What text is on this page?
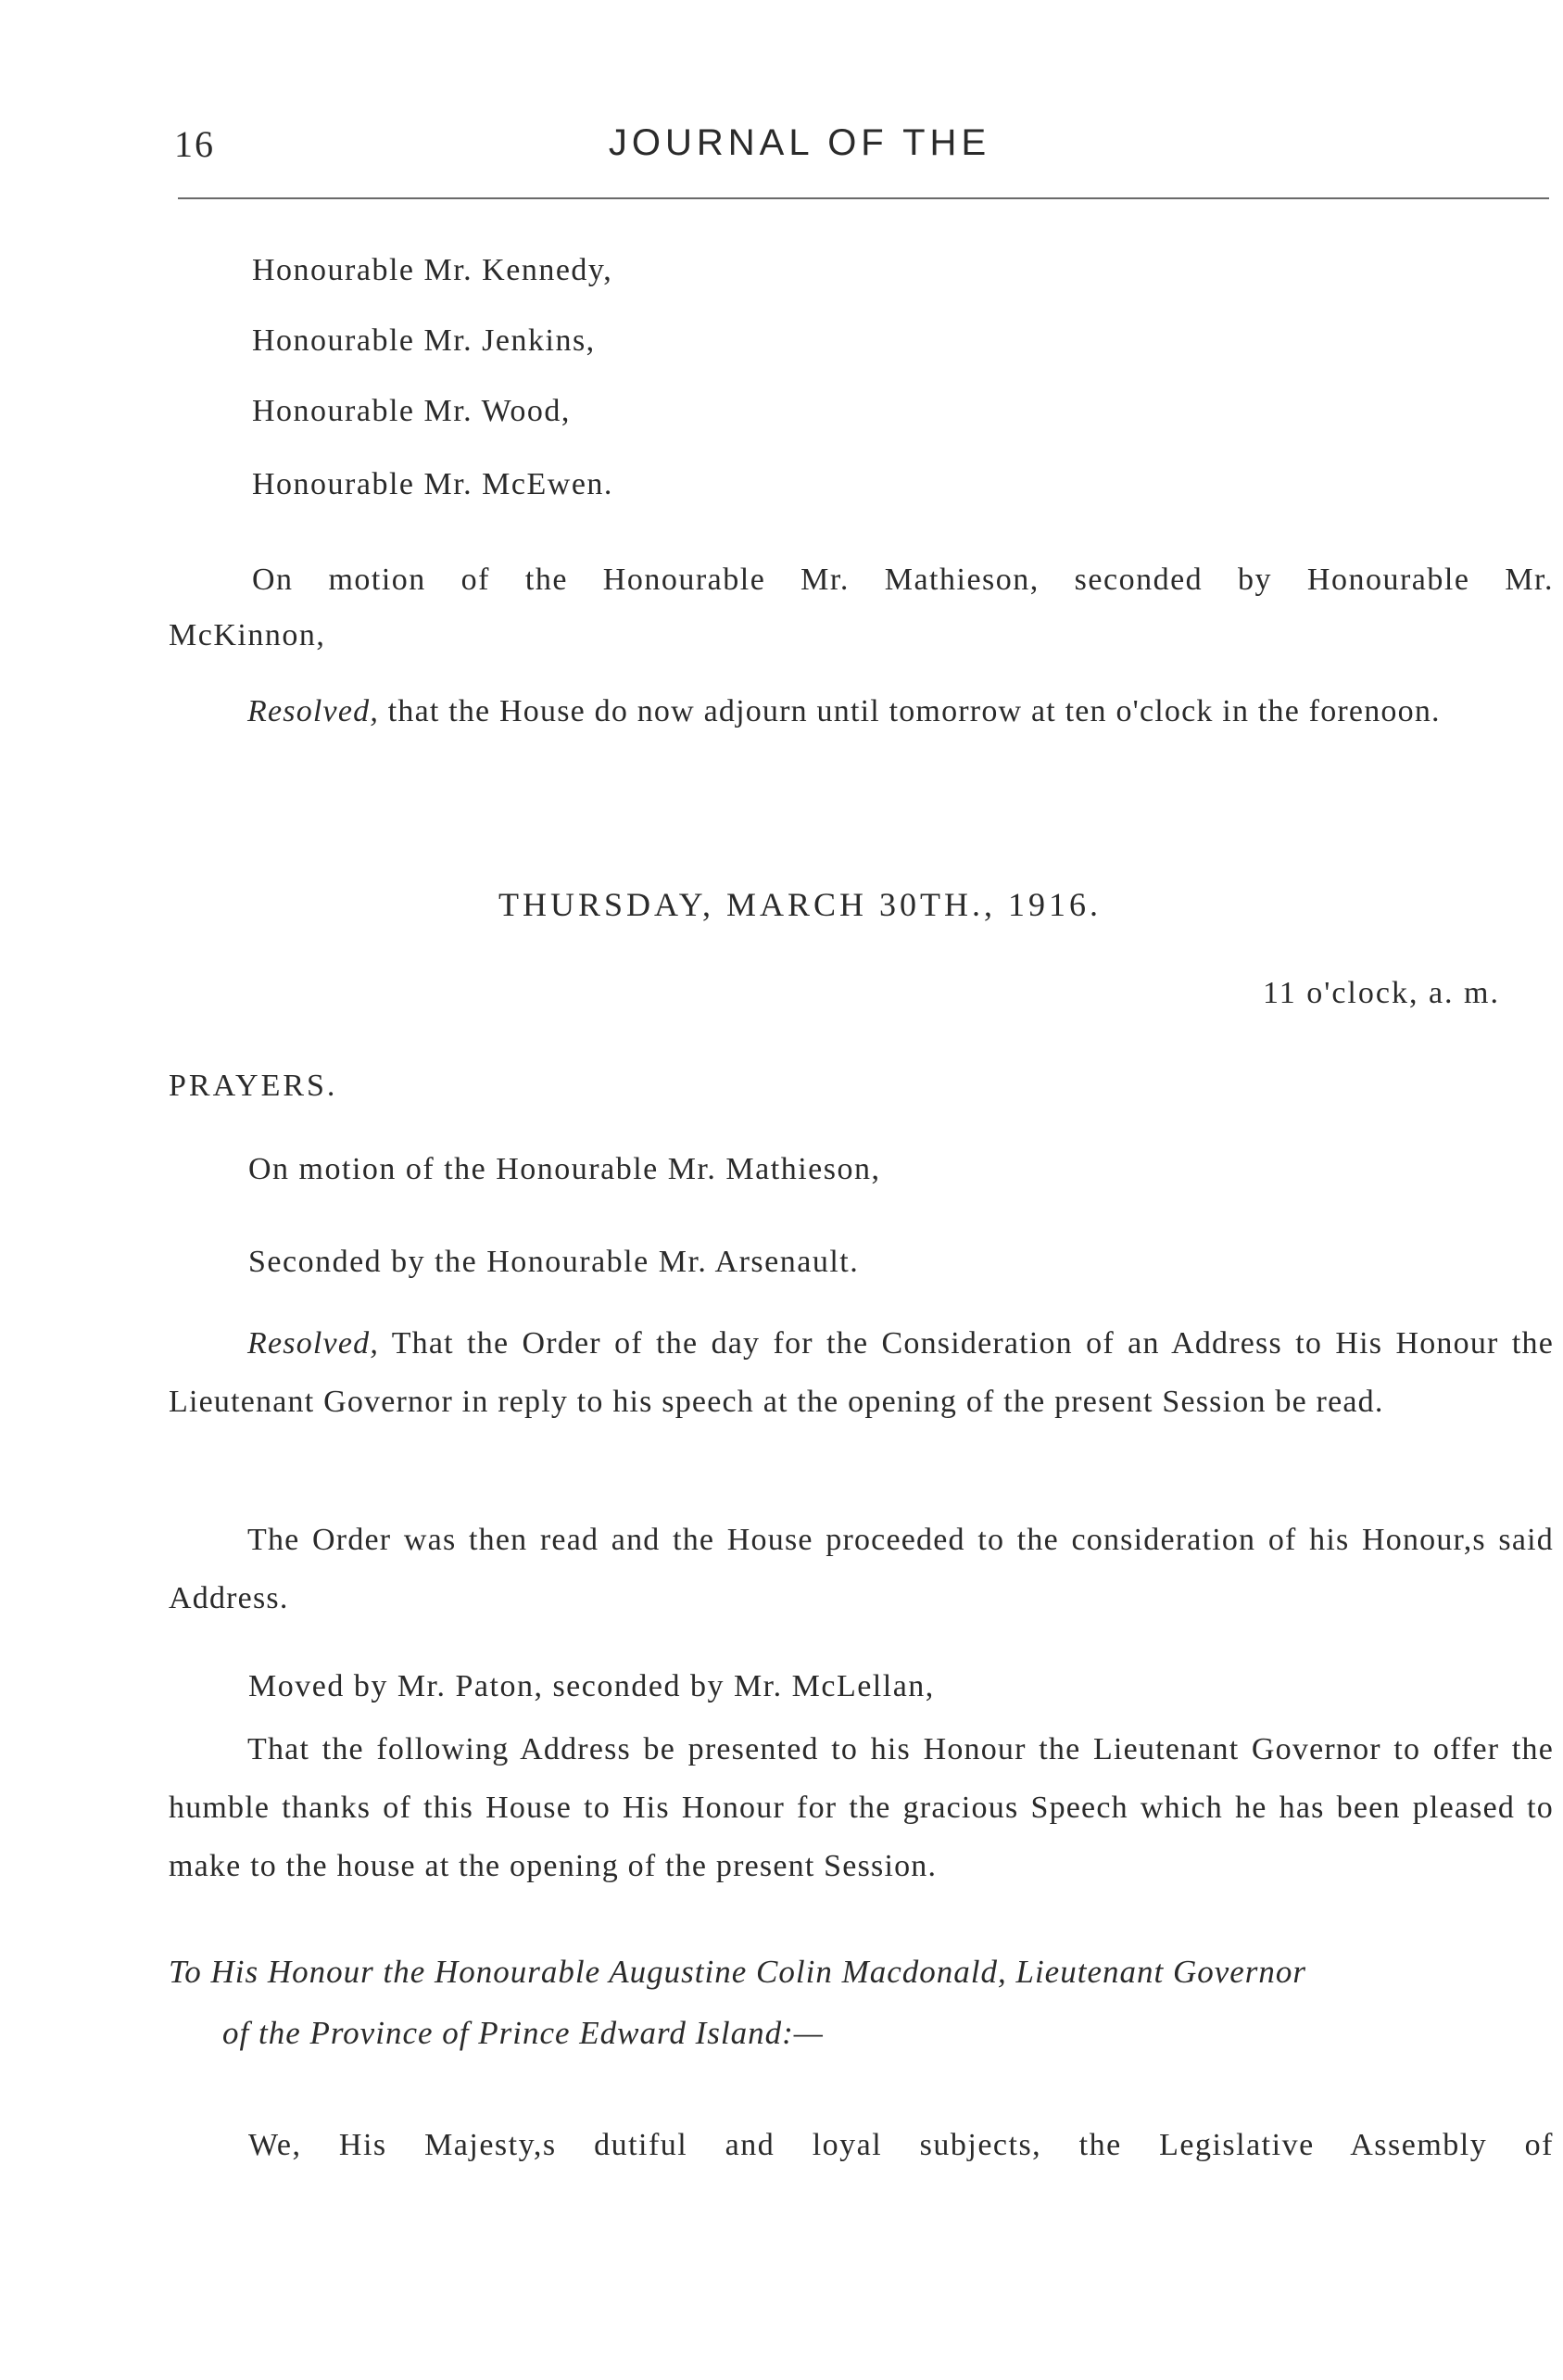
16	JOURNAL OF THE
Honourable Mr. Kennedy,
Honourable Mr. Jenkins,
Honourable Mr. Wood,
Honourable Mr. McEwen.
On motion of the Honourable Mr. Mathieson, seconded by Honourable Mr.
McKinnon,
Resolved, that the House do now adjourn until tomorrow at ten o'clock in the forenoon.
THURSDAY, MARCH 30TH., 1916.
11 o'clock, a. m.
PRAYERS.
On motion of the Honourable Mr. Mathieson,
Seconded by the Honourable Mr. Arsenault.
Resolved, That the Order of the day for the Consideration of an Address to His Honour the Lieutenant Governor in reply to his speech at the opening of the present Session be read.
The Order was then read and the House proceeded to the consideration of his Honour,s said Address.
Moved by Mr. Paton, seconded by Mr. McLellan,
That the following Address be presented to his Honour the Lieutenant Governor to offer the humble thanks of this House to His Honour for the gracious Speech which he has been pleased to make to the house at the opening of the present Session.
To His Honour the Honourable Augustine Colin Macdonald, Lieutenant Governor
of the Province of Prince Edward Island:—
We, His Majesty,s dutiful and loyal subjects, the Legislative Assembly of
